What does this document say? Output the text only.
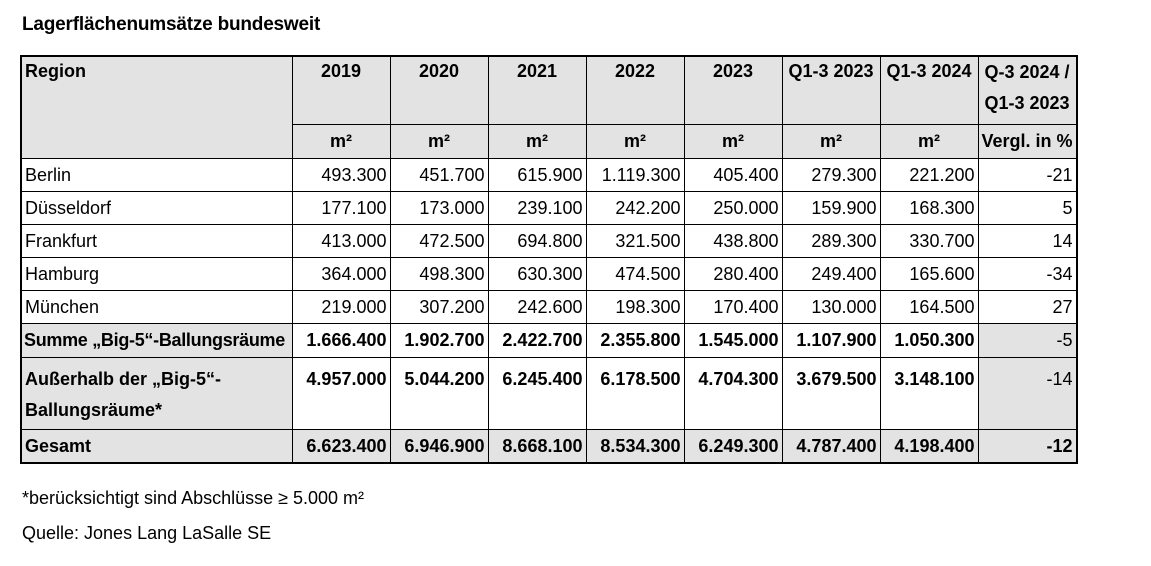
Lagerflächenumsätze bundesweit
Region	2019	2020	2021	2022	2023	Q1-3 2023	Q1-3 2024	Q-3 2024 /
Q1-3 2023

	m²	m²	m²	m²	m²	m²	m²	Vergl. in %
Berlin	493.300	451.700	615.900	1.119.300	405.400	279.300	221.200	-21
Düsseldorf	177.100	173.000	239.100	242.200	250.000	159.900	168.300	5
Frankfurt	413.000	472.500	694.800	321.500	438.800	289.300	330.700	14
Hamburg	364.000	498.300	630.300	474.500	280.400	249.400	165.600	-34
München	219.000	307.200	242.600	198.300	170.400	130.000	164.500	27
Summe „Big-5“-Ballungsräume	1.666.400	1.902.700	2.422.700	2.355.800	1.545.000	1.107.900	1.050.300	-5

Außerhalb der „Big-5“-
Ballungsräume*	4.957.000	5.044.200	6.245.400	6.178.500	4.704.300	3.679.500	3.148.100	-14
Gesamt	6.623.400	6.946.900	8.668.100	8.534.300	6.249.300	4.787.400	4.198.400	-12
*berücksichtigt sind Abschlüsse ≥ 5.000 m²
Quelle: Jones Lang LaSalle SE
